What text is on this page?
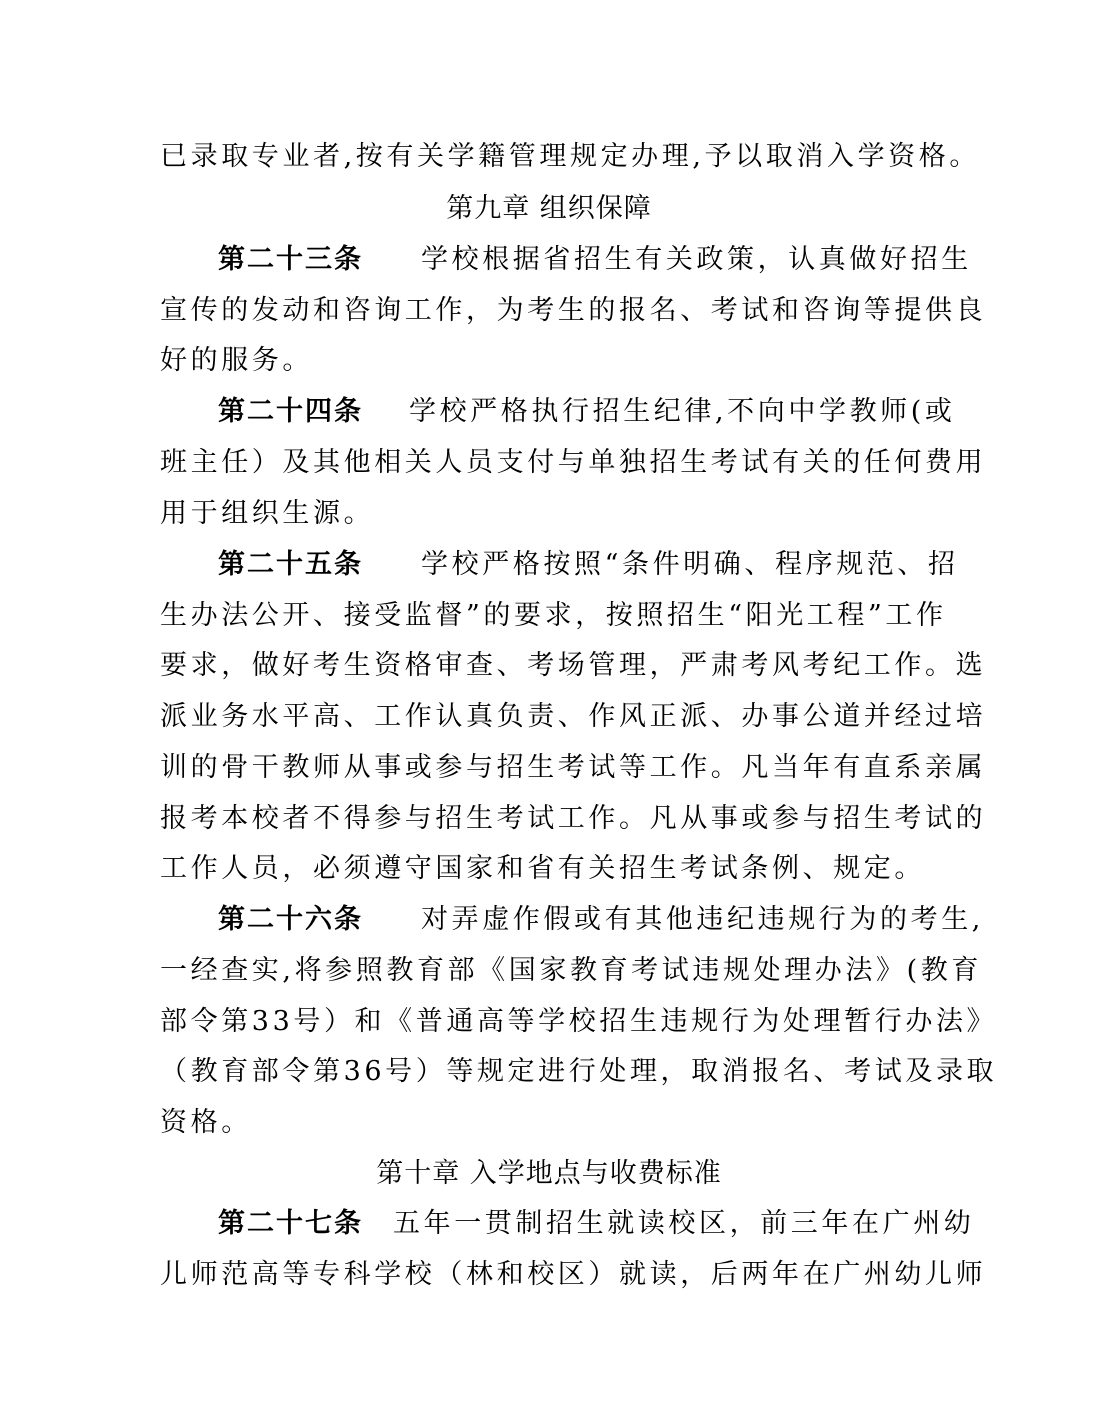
已录取专业者,按有关学籍管理规定办理,予以取消入学资格。
第九章 组织保障
第二十三条 学校根据省招生有关政策，认真做好招生
宣传的发动和咨询工作，为考生的报名、考试和咨询等提供良
好的服务。
第二十四条 学校严格执行招生纪律,不向中学教师(或
班主任）及其他相关人员支付与单独招生考试有关的任何费用
用于组织生源。
第二十五条 学校严格按照“条件明确、程序规范、招
生办法公开、接受监督”的要求，按照招生“阳光工程”工作
要求，做好考生资格审查、考场管理，严肃考风考纪工作。选
派业务水平高、工作认真负责、作风正派、办事公道并经过培
训的骨干教师从事或参与招生考试等工作。凡当年有直系亲属
报考本校者不得参与招生考试工作。凡从事或参与招生考试的
工作人员，必须遵守国家和省有关招生考试条例、规定。
第二十六条 对弄虚作假或有其他违纪违规行为的考生,
一经查实,将参照教育部《国家教育考试违规处理办法》(教育
部令第33号）和《普通高等学校招生违规行为处理暂行办法》
（教育部令第36号）等规定进行处理，取消报名、考试及录取
资格。
第十章 入学地点与收费标准
第二十七条 五年一贯制招生就读校区，前三年在广州幼
儿师范高等专科学校（林和校区）就读，后两年在广州幼儿师
